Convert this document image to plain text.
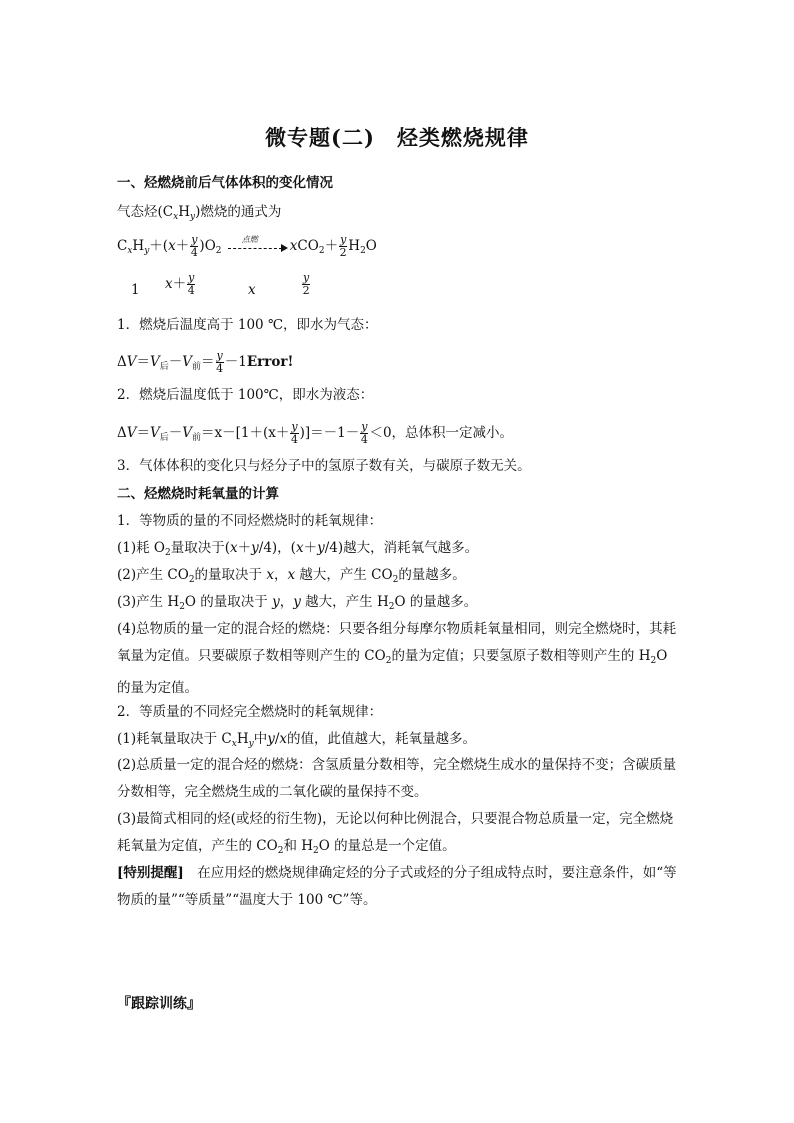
微专题(二)　烃类燃烧规律
一、烃燃烧前后气体体积的变化情况
气态烃$(C_xH_y)$燃烧的通式为
$C_xH_y+(x+ \frac{y}{4} )O_2$
点燃 $xCO_2+ \frac{y}{2} H_2O$
1 $x+ \frac{y}{4}$	x	$\frac{y}{2}$
1．燃烧后温度高于 100 ℃，即水为气态：
$\Delta V=V_后-V_前= \frac{y}{4}$ －1Error!
2．燃烧后温度低于 100℃，即水为液态：
$\Delta V=V_后-V_前=x-[1+(x+ \frac{y}{4} )]=-1- \frac{y}{4} <0$，总体积一定减小。
3．气体体积的变化只与烃分子中的氢原子数有关，与碳原子数无关。
二、烃燃烧时耗氧量的计算
1．等物质的量的不同烃燃烧时的耗氧规律：
(1)耗 $O_2$量取决于(x＋y/4)，(x＋y/4)越大，消耗氧气越多。
(2)产生 $CO_2$的量取决于 x，x 越大，产生 $CO_2$的量越多。
(3)产生 $H_2O$ 的量取决于 y，y 越大，产生 $H_2O$ 的量越多。
(4)总物质的量一定的混合烃的燃烧：只要各组分每摩尔物质耗氧量相同，则完全燃烧时，其耗氧量为定值。只要碳原子数相等则产生的 $CO_2$的量为定值；只要氢原子数相等则产生的 $H_2O$ 的量为定值。
2．等质量的不同烃完全燃烧时的耗氧规律：
(1)耗氧量取决于 $C_xH_y$中y/x的值，此值越大，耗氧量越多。
(2)总质量一定的混合烃的燃烧：含氢质量分数相等，完全燃烧生成水的量保持不变；含碳质量分数相等，完全燃烧生成的二氧化碳的量保持不变。
(3)最简式相同的烃(或烃的衍生物)，无论以何种比例混合，只要混合物总质量一定，完全燃烧耗氧量为定值，产生的 $CO_2$和 $H_2O$ 的量总是一个定值。
[特别提醒]　在应用烃的燃烧规律确定烃的分子式或烃的分子组成特点时，要注意条件，如“等物质的量”“等质量”“温度大于 100 ℃”等。
『跟踪训练』
